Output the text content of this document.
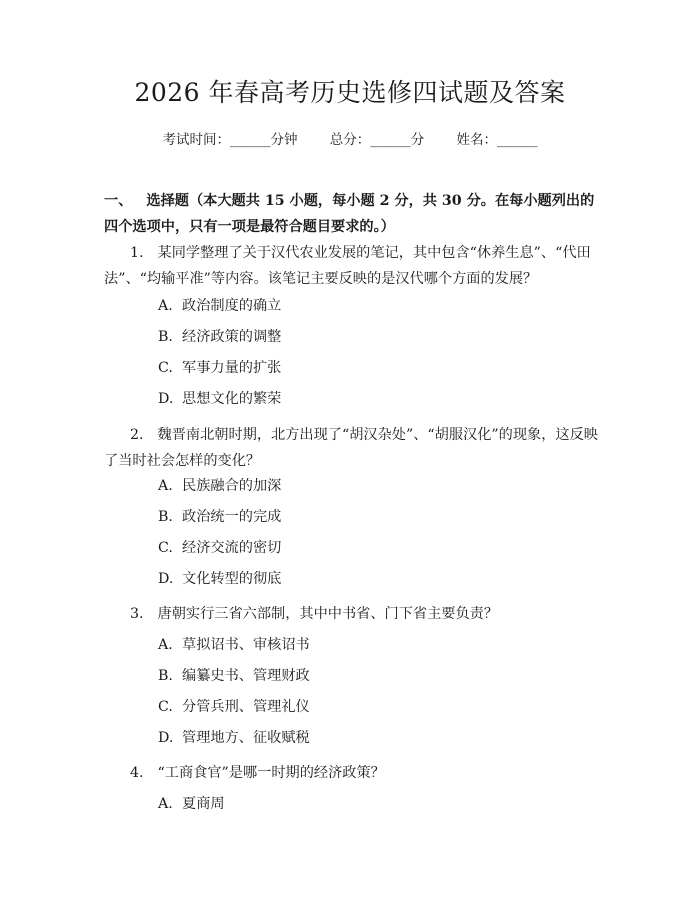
2026 年春高考历史选修四试题及答案
考试时间：______分钟 总分：______分 姓名：______
一、 选择题（本大题共 15 小题，每小题 2 分，共 30 分。在每小题列出的四个选项中，只有一项是最符合题目要求的。）
1. 某同学整理了关于汉代农业发展的笔记，其中包含“休养生息”、“代田法”、“均输平准”等内容。该笔记主要反映的是汉代哪个方面的发展？
A. 政治制度的确立
B. 经济政策的调整
C. 军事力量的扩张
D. 思想文化的繁荣
2. 魏晋南北朝时期，北方出现了“胡汉杂处”、“胡服汉化”的现象，这反映了当时社会怎样的变化？
A. 民族融合的加深
B. 政治统一的完成
C. 经济交流的密切
D. 文化转型的彻底
3. 唐朝实行三省六部制，其中中书省、门下省主要负责？
A. 草拟诏书、审核诏书
B. 编纂史书、管理财政
C. 分管兵刑、管理礼仪
D. 管理地方、征收赋税
4. “工商食官”是哪一时期的经济政策？
A. 夏商周
